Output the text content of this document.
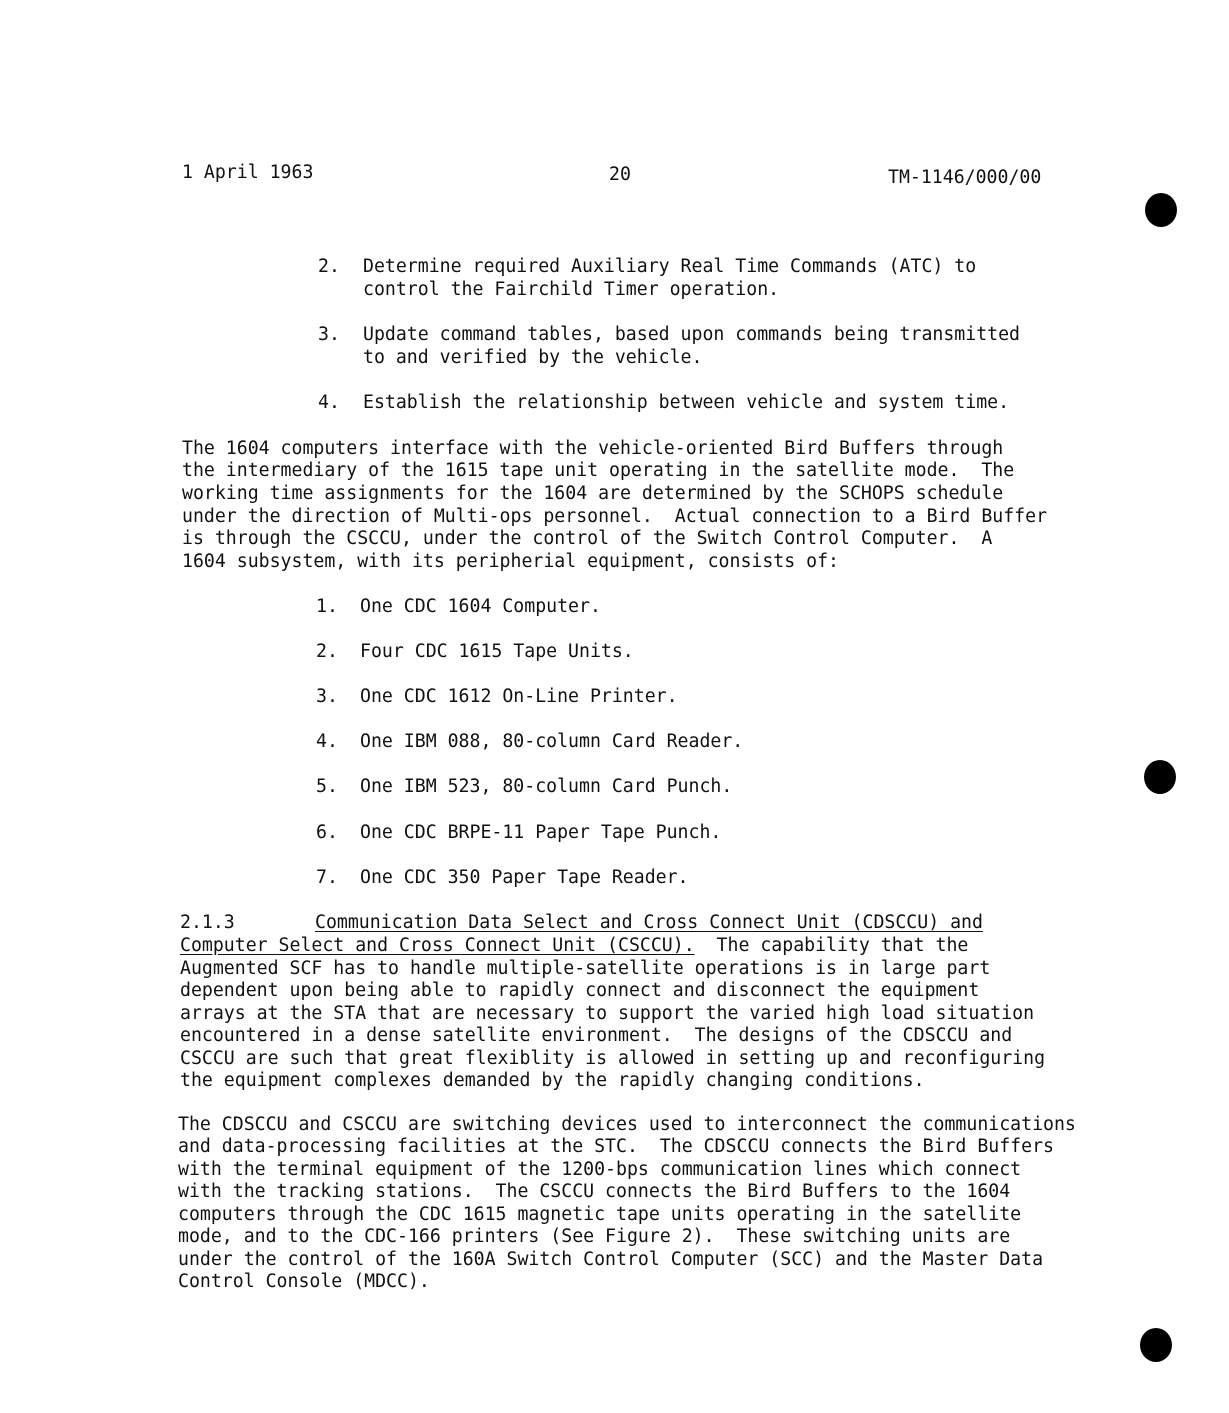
1 April 1963	20	TM-1146/000/00
2. Determine required Auxiliary Real Time Commands (ATC) to
control the Fairchild Timer operation.
3. Update command tables, based upon commands being transmitted
to and verified by the vehicle.
4. Establish the relationship between vehicle and system time.
The 1604 computers interface with the vehicle-oriented Bird Buffers through
the intermediary of the 1615 tape unit operating in the satellite mode.  The
working time assignments for the 1604 are determined by the SCHOPS schedule
under the direction of Multi-ops personnel.  Actual connection to a Bird Buffer
is through the CSCCU, under the control of the Switch Control Computer.  A
1604 subsystem, with its peripherial equipment, consists of:
1. One CDC 1604 Computer.
2. Four CDC 1615 Tape Units.
3. One CDC 1612 On-Line Printer.
4. One IBM 088, 80-column Card Reader.
5. One IBM 523, 80-column Card Punch.
6. One CDC BRPE-11 Paper Tape Punch.
7. One CDC 350 Paper Tape Reader.
2.1.3	Communication Data Select and Cross Connect Unit (CDSCCU) and
Computer Select and Cross Connect Unit (CSCCU).  The capability that the
Augmented SCF has to handle multiple-satellite operations is in large part
dependent upon being able to rapidly connect and disconnect the equipment
arrays at the STA that are necessary to support the varied high load situation
encountered in a dense satellite environment.  The designs of the CDSCCU and
CSCCU are such that great flexiblity is allowed in setting up and reconfiguring
the equipment complexes demanded by the rapidly changing conditions.
The CDSCCU and CSCCU are switching devices used to interconnect the communications
and data-processing facilities at the STC.  The CDSCCU connects the Bird Buffers
with the terminal equipment of the 1200-bps communication lines which connect
with the tracking stations.  The CSCCU connects the Bird Buffers to the 1604
computers through the CDC 1615 magnetic tape units operating in the satellite
mode, and to the CDC-166 printers (See Figure 2).  These switching units are
under the control of the 160A Switch Control Computer (SCC) and the Master Data
Control Console (MDCC).
